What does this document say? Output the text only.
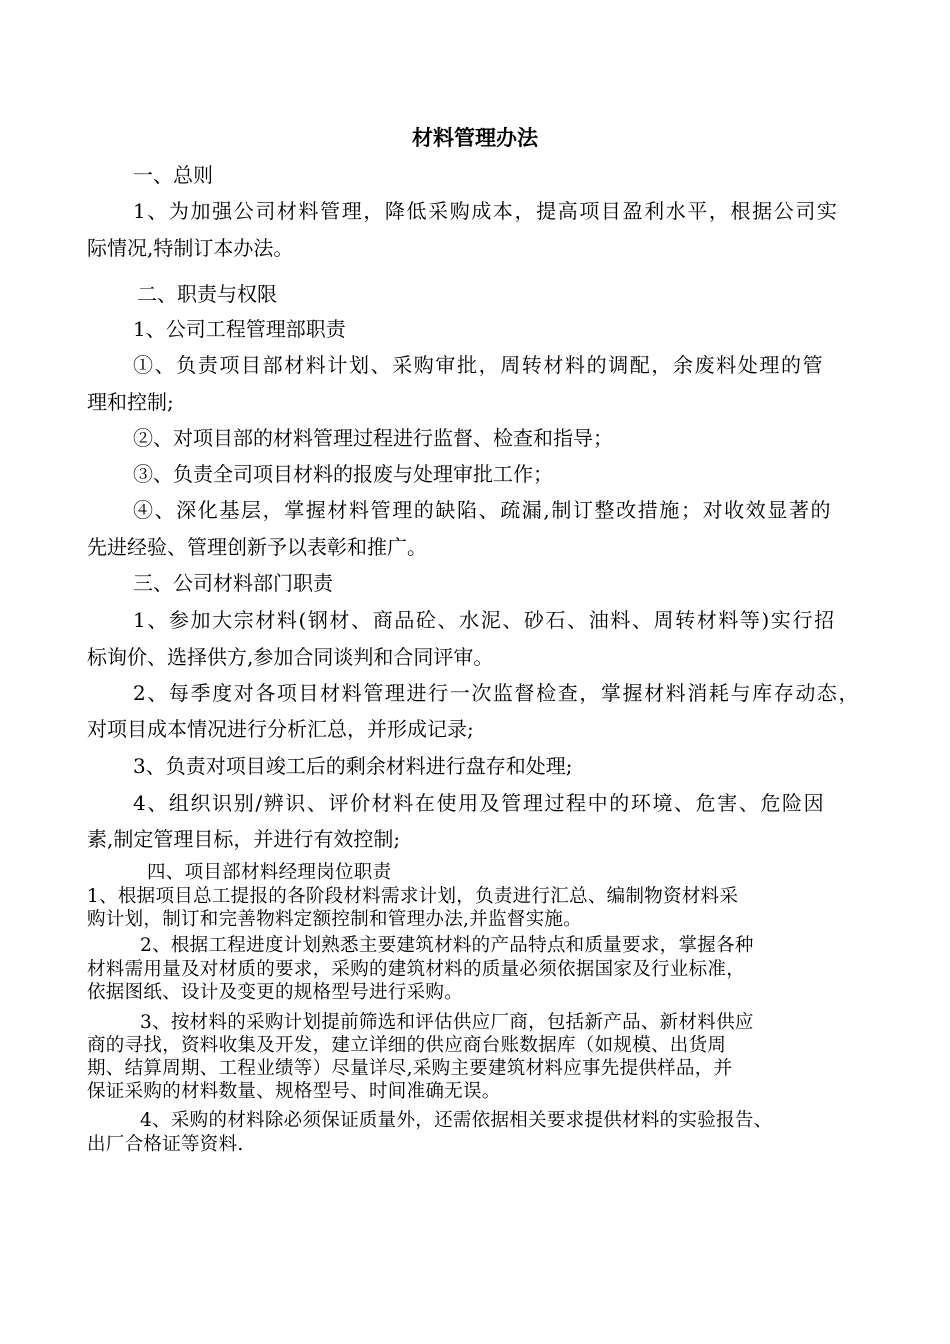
材料管理办法

一、总则

1、为加强公司材料管理，降低采购成本，提高项目盈利水平，根据公司实

际情况,特制订本办法。

二、职责与权限

1、公司工程管理部职责

①、负责项目部材料计划、采购审批，周转材料的调配，余废料处理的管

理和控制;

②、对项目部的材料管理过程进行监督、检查和指导；

③、负责全司项目材料的报废与处理审批工作；

④、深化基层，掌握材料管理的缺陷、疏漏,制订整改措施；对收效显著的

先进经验、管理创新予以表彰和推广。

三、公司材料部门职责

1、参加大宗材料(钢材、商品砼、水泥、砂石、油料、周转材料等)实行招

标询价、选择供方,参加合同谈判和合同评审。

2、每季度对各项目材料管理进行一次监督检查，掌握材料消耗与库存动态，

对项目成本情况进行分析汇总，并形成记录;

3、负责对项目竣工后的剩余材料进行盘存和处理;

4、组织识别/辨识、评价材料在使用及管理过程中的环境、危害、危险因

素,制定管理目标，并进行有效控制;

四、项目部材料经理岗位职责

1、根据项目总工提报的各阶段材料需求计划，负责进行汇总、编制物资材料采

购计划，制订和完善物料定额控制和管理办法,并监督实施。

2、根据工程进度计划熟悉主要建筑材料的产品特点和质量要求，掌握各种

材料需用量及对材质的要求，采购的建筑材料的质量必须依据国家及行业标准，

依据图纸、设计及变更的规格型号进行采购。

3、按材料的采购计划提前筛选和评估供应厂商，包括新产品、新材料供应

商的寻找，资料收集及开发，建立详细的供应商台账数据库（如规模、出货周

期、结算周期、工程业绩等）尽量详尽,采购主要建筑材料应事先提供样品，并

保证采购的材料数量、规格型号、时间准确无误。

4、采购的材料除必须保证质量外，还需依据相关要求提供材料的实验报告、

出厂合格证等资料.
